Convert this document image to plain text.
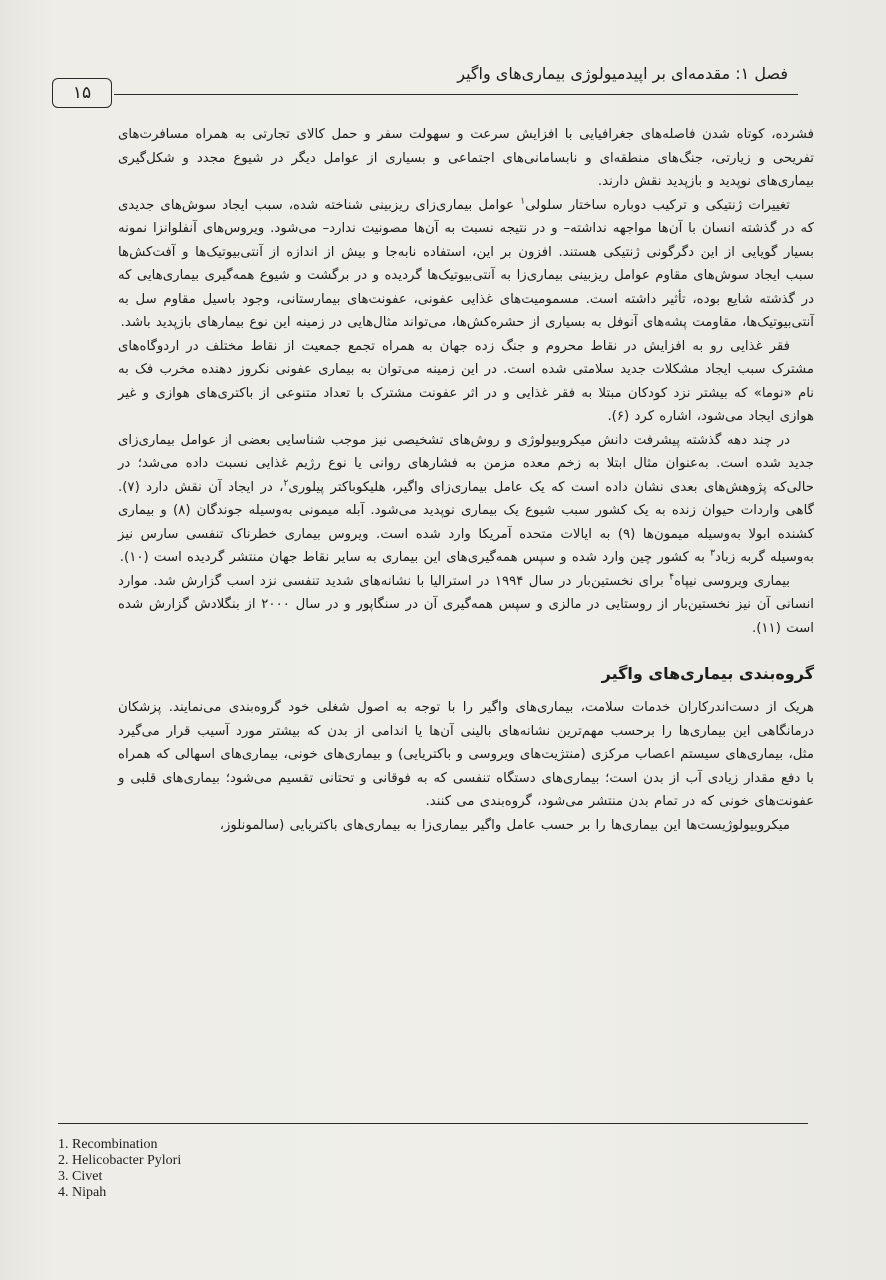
فصل ۱: مقدمه‌ای بر اپیدمیولوژی بیماری‌های واگیر
۱۵

فشرده، کوتاه شدن فاصله‌های جغرافیایی با افزایش سرعت و سهولت سفر و حمل کالای تجارتی به همراه مسافرت‌های تفریحی و زیارتی، جنگ‌های منطقه‌ای و نابسامانی‌های اجتماعی و بسیاری از عوامل دیگر در شیوع مجدد و شکل‌گیری بیماری‌های نوپدید و بازپدید نقش دارند.

تغییرات ژنتیکی و ترکیب دوباره ساختار سلولی$^۱$ عوامل بیماری‌زای ریزبینی شناخته شده، سبب ایجاد سوش‌های جدیدی که در گذشته انسان با آن‌ها مواجهه نداشته– و در نتیجه نسبت به آن‌ها مصونیت ندارد– می‌شود. ویروس‌های آنفلوانزا نمونه بسیار گویایی از این دگرگونی ژنتیکی هستند. افزون بر این، استفاده نابه‌جا و بیش از اندازه از آنتی‌بیوتیک‌ها و آفت‌کش‌ها سبب ایجاد سوش‌های مقاوم عوامل ریزبینی بیماری‌زا به آنتی‌بیوتیک‌ها گردیده و در برگشت و شیوع همه‌گیری بیماری‌هایی که در گذشته شایع بوده، تأثیر داشته است. مسمومیت‌های غذایی عفونی، عفونت‌های بیمارستانی، وجود باسیل مقاوم سل به آنتی‌بیوتیک‌ها، مقاومت پشه‌های آنوفل به بسیاری از حشره‌کش‌ها، می‌تواند مثال‌هایی در زمینه این نوع بیمارهای بازپدید باشد.

فقر غذایی رو به افزایش در نقاط محروم و جنگ زده جهان به همراه تجمع جمعیت از نقاط مختلف در اردوگاه‌های مشترک سبب ایجاد مشکلات جدید سلامتی شده است. در این زمینه می‌توان به بیماری عفونی نکروز دهنده مخرب فک به نام «نوما» که بیشتر نزد کودکان مبتلا به فقر غذایی و در اثر عفونت مشترک با تعداد متنوعی از باکتری‌های هوازی و غیر هوازی ایجاد می‌شود، اشاره کرد (۶).

در چند دهه گذشته پیشرفت دانش میکروبیولوژی و روش‌های تشخیصی نیز موجب شناسایی بعضی از عوامل بیماری‌زای جدید شده است. به‌عنوان مثال ابتلا به زخم معده مزمن به فشارهای روانی یا نوع رژیم غذایی نسبت داده می‌شد؛ در حالی‌که پژوهش‌های بعدی نشان داده است که یک عامل بیماری‌زای واگیر، هلیکوباکتر پیلوری$^۲$، در ایجاد آن نقش دارد (۷). گاهی واردات حیوان زنده به یک کشور سبب شیوع یک بیماری نوپدید می‌شود. آبله میمونی به‌وسیله جوندگان (۸) و بیماری کشنده ابولا به‌وسیله میمون‌ها (۹) به ایالات متحده آمریکا وارد شده است. ویروس بیماری خطرناک تنفسی سارس نیز به‌وسیله گربه زباد$^۳$ به کشور چین وارد شده و سپس همه‌گیری‌های این بیماری به سایر نقاط جهان منتشر گردیده است (۱۰).

بیماری ویروسی نیپاه$^۴$ برای نخستین‌بار در سال ۱۹۹۴ در استرالیا با نشانه‌های شدید تنفسی نزد اسب گزارش شد. موارد انسانی آن نیز نخستین‌بار از روستایی در مالزی و سپس همه‌گیری آن در سنگاپور و در سال ۲۰۰۰ از بنگلادش گزارش شده است (۱۱).

گروه‌بندی بیماری‌های واگیر

هریک از دست‌اندرکاران خدمات سلامت، بیماری‌های واگیر را با توجه به اصول شغلی خود گروه‌بندی می‌نمایند. پزشکان درمانگاهی این بیماری‌ها را برحسب مهم‌ترین نشانه‌های بالینی آن‌ها یا اندامی از بدن که بیشتر مورد آسیب قرار می‌گیرد مثل، بیماری‌های سیستم اعصاب مرکزی (منتژیت‌های ویروسی و باکتریایی) و بیماری‌های خونی، بیماری‌های اسهالی که همراه با دفع مقدار زیادی آب از بدن است؛ بیماری‌های دستگاه تنفسی که به فوقانی و تحتانی تقسیم می‌شود؛ بیماری‌های قلبی و عفونت‌های خونی که در تمام بدن منتشر می‌شود، گروه‌بندی می کنند.

میکروبیولوژیست‌ها این بیماری‌ها را بر حسب عامل واگیر بیماری‌زا به بیماری‌های باکتریایی (سالمونلوز،

1. Recombination
2. Helicobacter Pylori
3. Civet
4. Nipah
